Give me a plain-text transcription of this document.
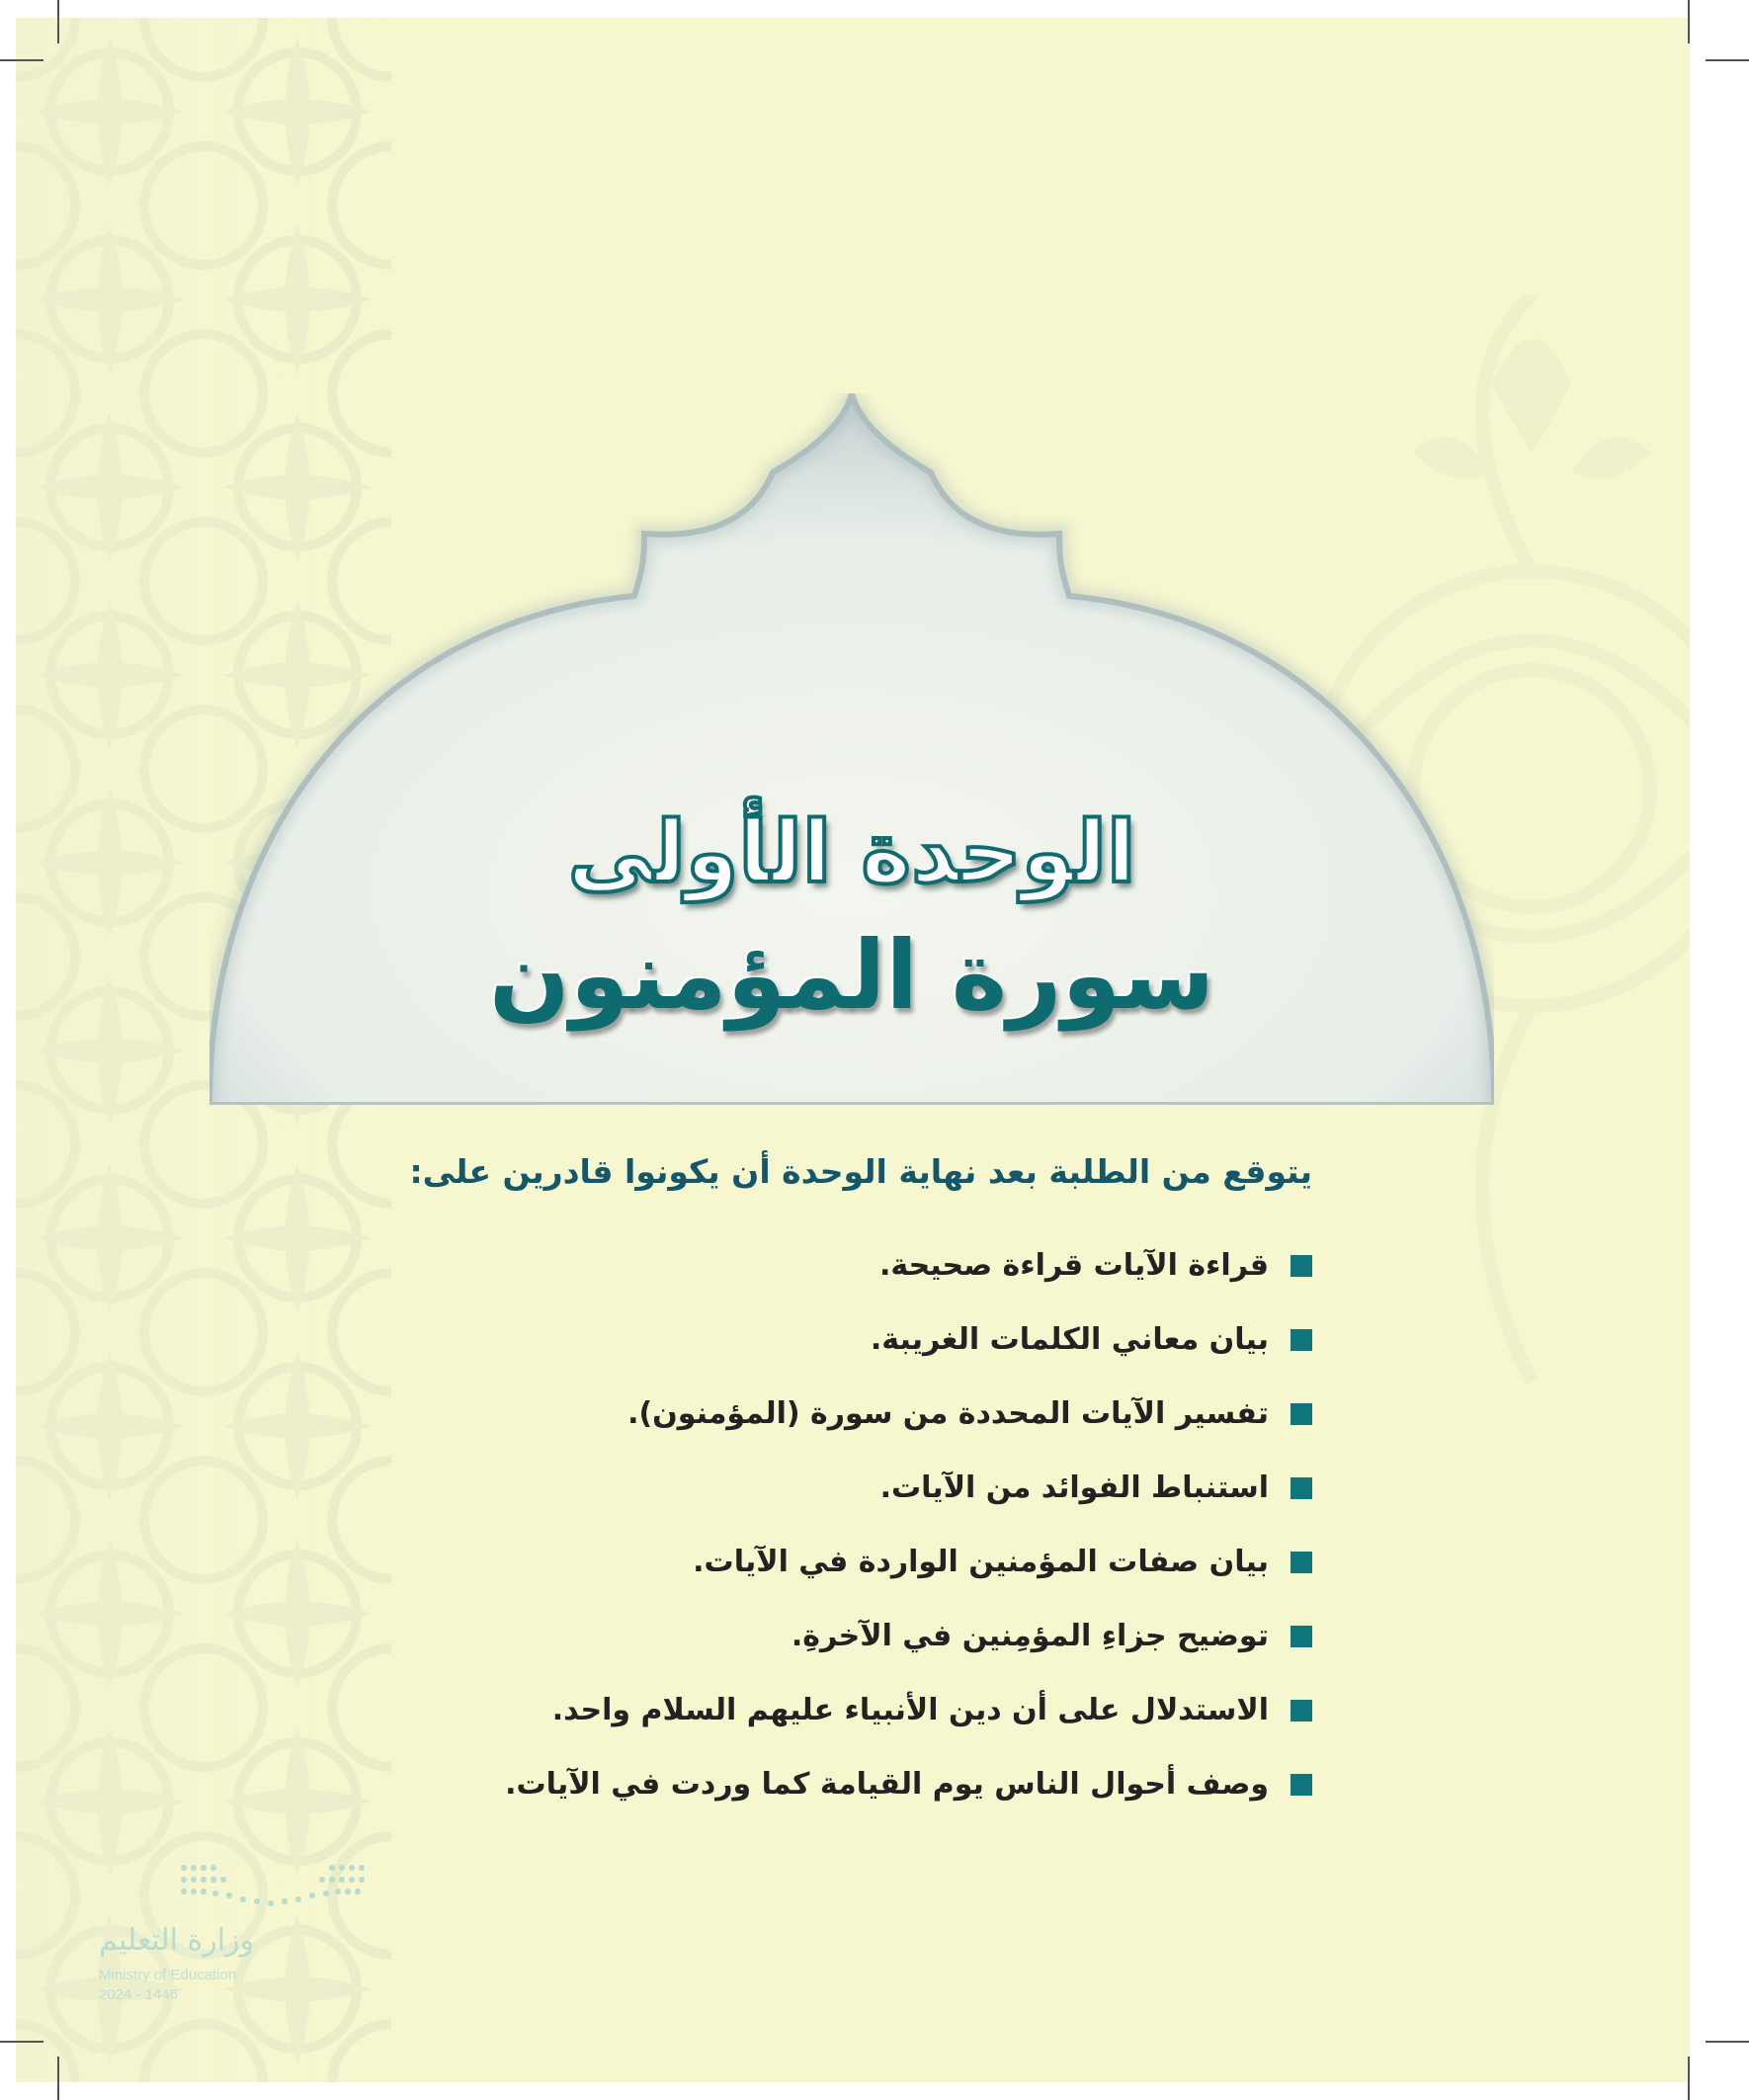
الوحدة الأولى
سورة المؤمنون

يتوقع من الطلبة بعد نهاية الوحدة أن يكونوا قادرين على:

قراءة الآيات قراءة صحيحة.
بيان معاني الكلمات الغريبة.
تفسير الآيات المحددة من سورة (المؤمنون).
استنباط الفوائد من الآيات.
بيان صفات المؤمنين الواردة في الآيات.
توضيح جزاءِ المؤمِنين في الآخرةِ.
الاستدلال على أن دين الأنبياء عليهم السلام واحد.
وصف أحوال الناس يوم القيامة كما وردت في الآيات.
وزارة التعليم
Ministry of Education
2024 - 1446
